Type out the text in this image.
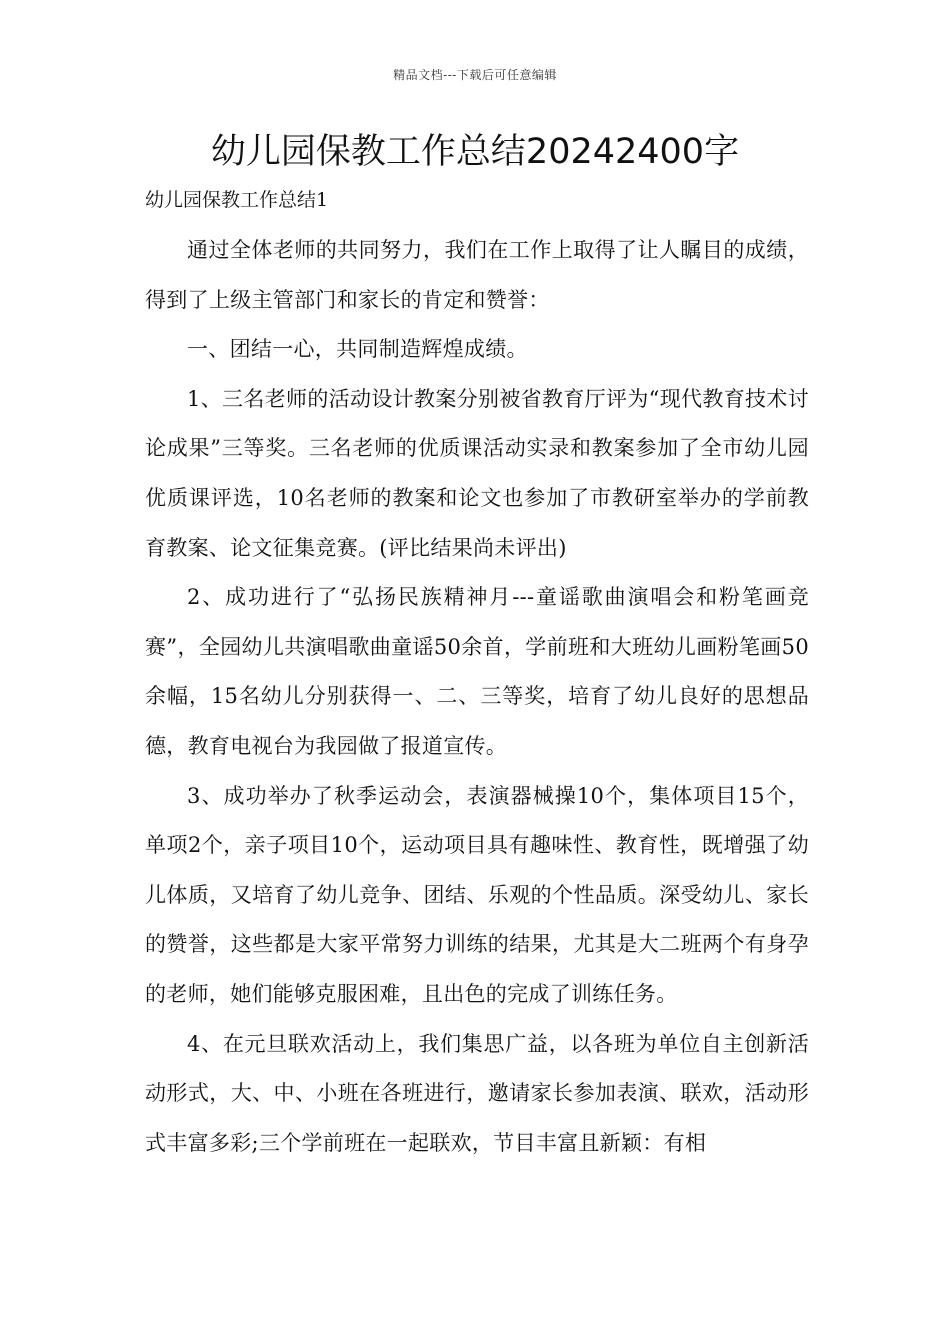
精品文档---下载后可任意编辑
幼儿园保教工作总结20242400字
幼儿园保教工作总结1

通过全体老师的共同努力，我们在工作上取得了让人瞩目的成绩，得到了上级主管部门和家长的肯定和赞誉：

一、团结一心，共同制造辉煌成绩。

1、三名老师的活动设计教案分别被省教育厅评为“现代教育技术讨论成果”三等奖。三名老师的优质课活动实录和教案参加了全市幼儿园优质课评选，10名老师的教案和论文也参加了市教研室举办的学前教育教案、论文征集竞赛。(评比结果尚未评出)

2、成功进行了“弘扬民族精神月---童谣歌曲演唱会和粉笔画竞赛”，全园幼儿共演唱歌曲童谣50余首，学前班和大班幼儿画粉笔画50余幅，15名幼儿分别获得一、二、三等奖，培育了幼儿良好的思想品德，教育电视台为我园做了报道宣传。

3、成功举办了秋季运动会，表演器械操10个，集体项目15个，单项2个，亲子项目10个，运动项目具有趣味性、教育性，既增强了幼儿体质，又培育了幼儿竞争、团结、乐观的个性品质。深受幼儿、家长的赞誉，这些都是大家平常努力训练的结果，尤其是大二班两个有身孕的老师，她们能够克服困难，且出色的完成了训练任务。

4、在元旦联欢活动上，我们集思广益，以各班为单位自主创新活动形式，大、中、小班在各班进行，邀请家长参加表演、联欢，活动形式丰富多彩;三个学前班在一起联欢，节目丰富且新颖：有相
